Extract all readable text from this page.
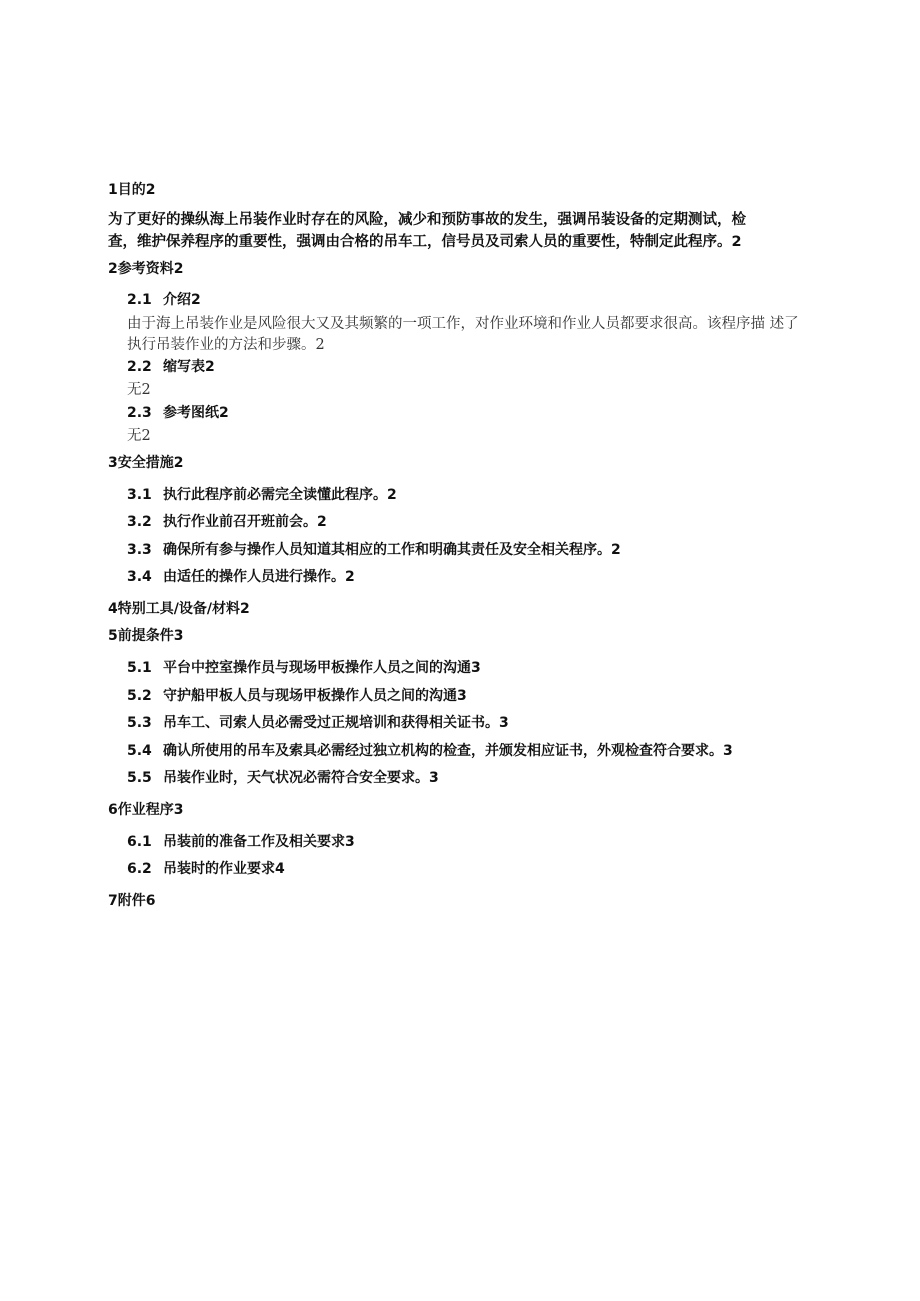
1目的2
为了更好的操纵海上吊装作业时存在的风险，减少和预防事故的发生，强调吊装设备的定期测试，检
查，维护保养程序的重要性，强调由合格的吊车工，信号员及司索人员的重要性，特制定此程序。2
2参考资料2
2.1 介绍2
由于海上吊装作业是风险很大又及其频繁的一项工作，对作业环境和作业人员都要求很高。该程序描 述了
执行吊装作业的方法和步骤。2
2.2 缩写表2
无2
2.3 参考图纸2
无2
3安全措施2
3.1 执行此程序前必需完全读懂此程序。2
3.2 执行作业前召开班前会。2
3.3 确保所有参与操作人员知道其相应的工作和明确其责任及安全相关程序。2
3.4 由适任的操作人员进行操作。2
4特别工具/设备/材料2
5前提条件3
5.1 平台中控室操作员与现场甲板操作人员之间的沟通3
5.2 守护船甲板人员与现场甲板操作人员之间的沟通3
5.3 吊车工、司索人员必需受过正规培训和获得相关证书。3
5.4 确认所使用的吊车及索具必需经过独立机构的检查，并颁发相应证书，外观检查符合要求。3
5.5 吊装作业时，天气状况必需符合安全要求。3
6作业程序3
6.1 吊装前的准备工作及相关要求3
6.2 吊装时的作业要求4
7附件6
